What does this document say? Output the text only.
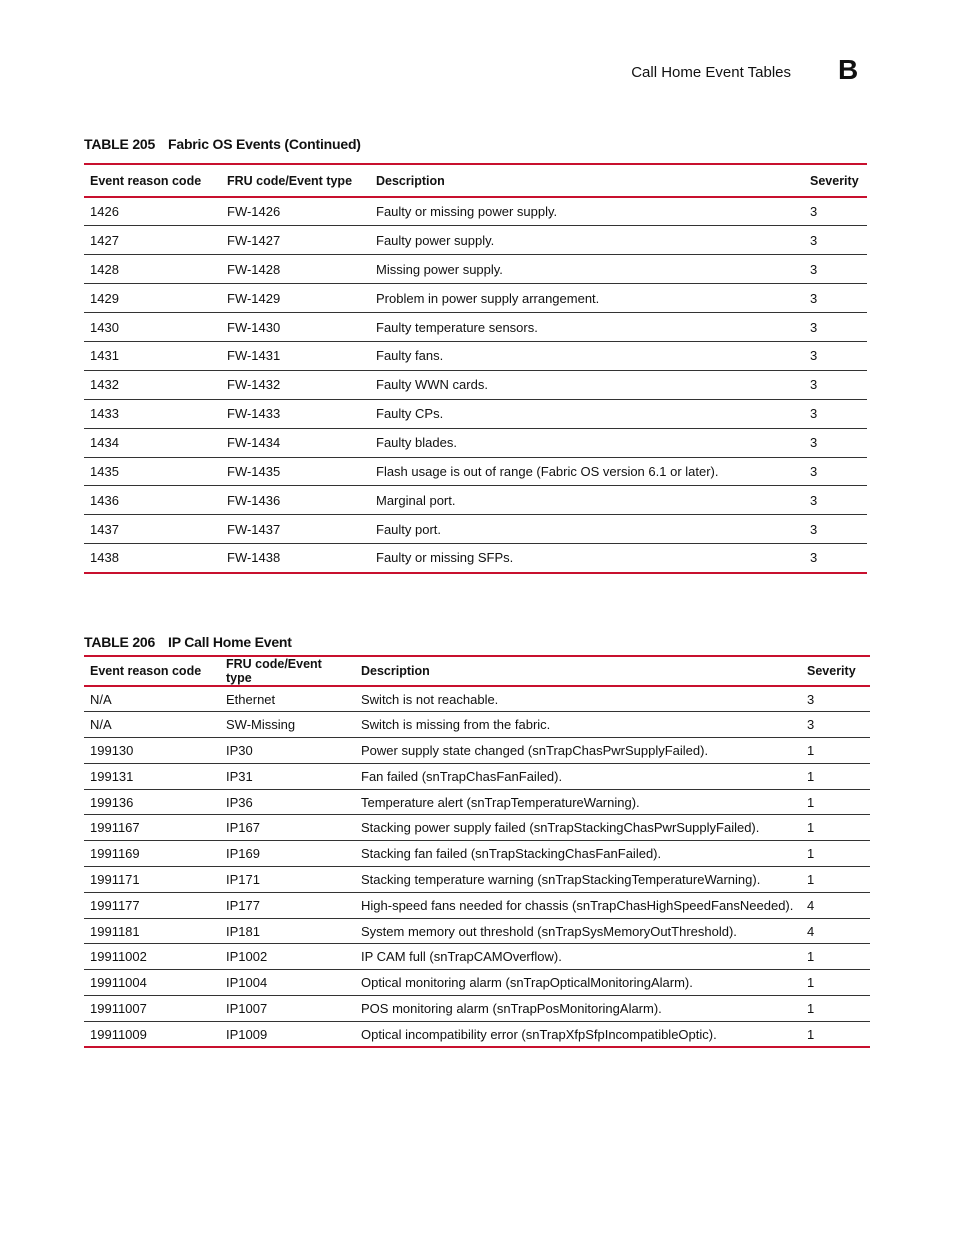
Call Home Event Tables B
TABLE 205 Fabric OS Events (Continued)
Event reason code	FRU code/Event type	Description	Severity
1426	FW-1426	Faulty or missing power supply.	3
1427	FW-1427	Faulty power supply.	3
1428	FW-1428	Missing power supply.	3
1429	FW-1429	Problem in power supply arrangement.	3
1430	FW-1430	Faulty temperature sensors.	3
1431	FW-1431	Faulty fans.	3
1432	FW-1432	Faulty WWN cards.	3
1433	FW-1433	Faulty CPs.	3
1434	FW-1434	Faulty blades.	3
1435	FW-1435	Flash usage is out of range (Fabric OS version 6.1 or later).	3
1436	FW-1436	Marginal port.	3
1437	FW-1437	Faulty port.	3
1438	FW-1438	Faulty or missing SFPs.	3
TABLE 206 IP Call Home Event
Event reason code	FRU code/Event type	Description	Severity
N/A	Ethernet	Switch is not reachable.	3
N/A	SW-Missing	Switch is missing from the fabric.	3
199130	IP30	Power supply state changed (snTrapChasPwrSupplyFailed).	1
199131	IP31	Fan failed (snTrapChasFanFailed).	1
199136	IP36	Temperature alert (snTrapTemperatureWarning).	1
1991167	IP167	Stacking power supply failed (snTrapStackingChasPwrSupplyFailed).	1
1991169	IP169	Stacking fan failed (snTrapStackingChasFanFailed).	1
1991171	IP171	Stacking temperature warning (snTrapStackingTemperatureWarning).	1
1991177	IP177	High-speed fans needed for chassis (snTrapChasHighSpeedFansNeeded).	4
1991181	IP181	System memory out threshold (snTrapSysMemoryOutThreshold).	4
19911002	IP1002	IP CAM full (snTrapCAMOverflow).	1
19911004	IP1004	Optical monitoring alarm (snTrapOpticalMonitoringAlarm).	1
19911007	IP1007	POS monitoring alarm (snTrapPosMonitoringAlarm).	1
19911009	IP1009	Optical incompatibility error (snTrapXfpSfpIncompatibleOptic).	1
